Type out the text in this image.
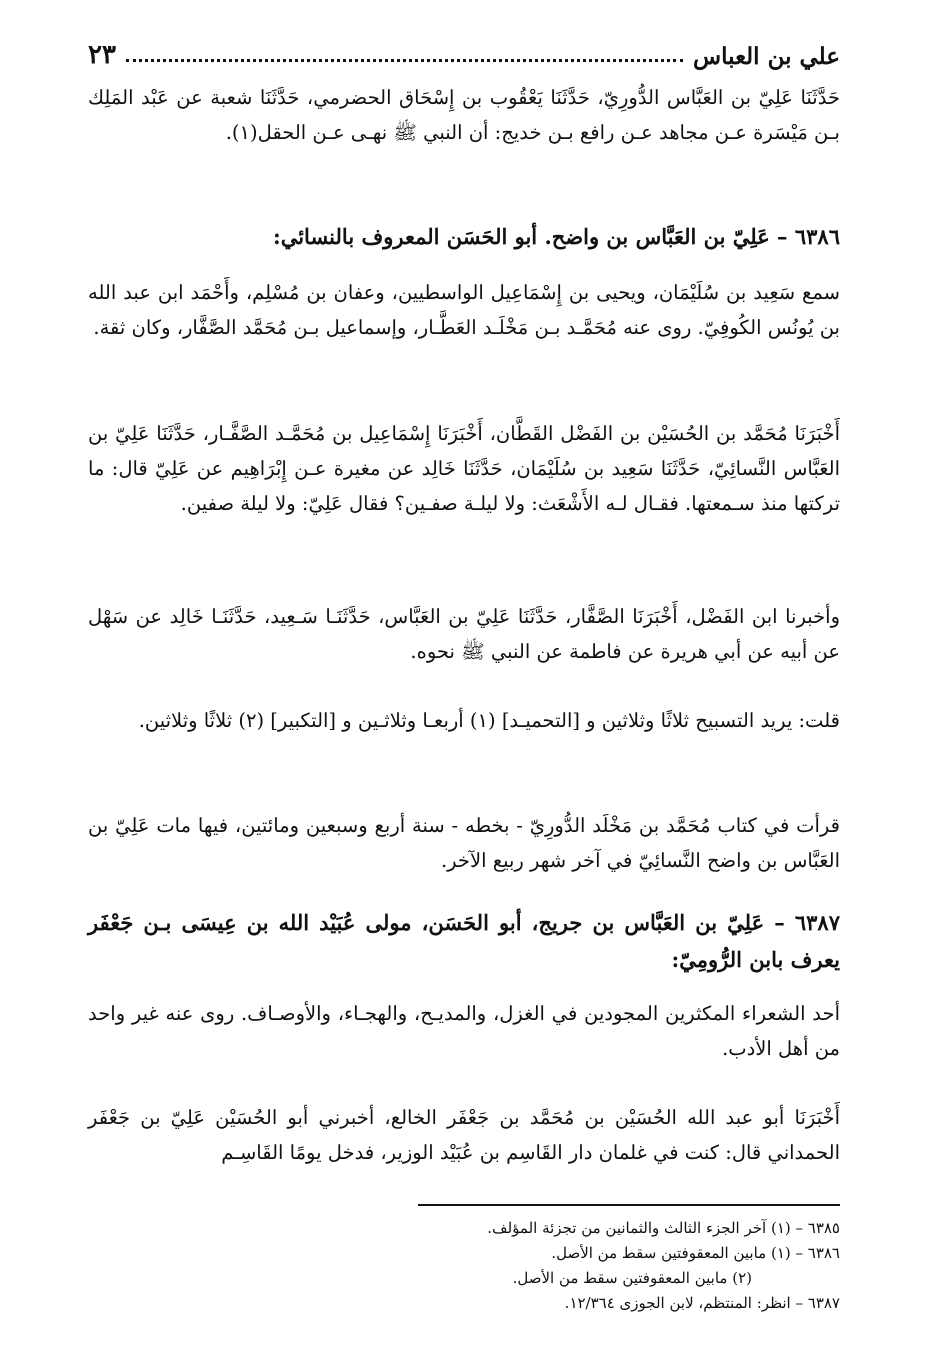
علي بن العباس
٢٣

حَدَّثَنَا عَلِيّ بن العَبَّاس الدُّورِيّ، حَدَّثَنَا يَعْقُوب بن إِسْحَاق الحضرمي، حَدَّثَنَا شعبة عن عَبْد المَلِك بـن مَيْسَرة عـن مجاهد عـن رافع بـن خديج: أن النبي ﷺ نهـى عـن الحقل(١).

٦٣٨٦ – عَلِيّ بن العَبَّاس بن واضح. أبو الحَسَن المعروف بالنسائي:

سمع سَعِيد بن سُلَيْمَان، ويحيى بن إِسْمَاعِيل الواسطيين، وعفان بن مُسْلِم، وأَحْمَد ابن عبد الله بن يُونُس الكُوفِيّ. روى عنه مُحَمَّـد بـن مَخْلَـد العَطَّـار، وإسماعيل بـن مُحَمَّد الصَّفَّار، وكان ثقة.

أَخْبَرَنَا مُحَمَّد بن الحُسَيْن بن الفَضْل القَطَّان، أَخْبَرَنَا إِسْمَاعِيل بن مُحَمَّـد الصَّفَّـار، حَدَّثَنَا عَلِيّ بن العَبَّاس النَّسائِيّ، حَدَّثَنَا سَعِيد بن سُلَيْمَان، حَدَّثَنَا خَالِد عن مغيرة عـن إِبْرَاهِيم عن عَلِيّ قال: ما تركتها منذ سـمعتها. فقـال لـه الأَشْعَث: ولا ليلـة صفـين؟ فقال عَلِيّ: ولا ليلة صفين.

وأخبرنا ابن الفَضْل، أَخْبَرَنَا الصَّفَّار، حَدَّثَنَا عَلِيّ بن العَبَّاس، حَدَّثَنَـا سَـعِيد، حَدَّثَنَـا خَالِد عن سَهْل عن أبيه عن أبي هريرة عن فاطمة عن النبي ﷺ نحوه.

قلت: يريد التسبيح ثلاثًا وثلاثين و [التحميـد] (١) أربعـا وثلاثـين و [التكبير] (٢) ثلاثًا وثلاثين.

قرأت في كتاب مُحَمَّد بن مَخْلَد الدُّورِيّ - بخطه - سنة أربع وسبعين ومائتين، فيها مات عَلِيّ بن العَبَّاس بن واضح النَّسائِيّ في آخر شهر ربيع الآخر.

٦٣٨٧ – عَلِيّ بن العَبَّاس بن جريج، أبو الحَسَن، مولى عُبَيْد الله بن عِيسَى بـن جَعْفَر يعرف بابن الرُّومِيّ:

أحد الشعراء المكثرين المجودين في الغزل، والمديـح، والهجـاء، والأوصـاف. روى عنه غير واحد من أهل الأدب.

أَخْبَرَنَا أبو عبد الله الحُسَيْن بن مُحَمَّد بن جَعْفَر الخالع، أخبرني أبو الحُسَيْن عَلِيّ بن جَعْفَر الحمداني قال: كنت في غلمان دار القَاسِم بن عُبَيْد الوزير، فدخل يومًا القَاسِـم

٦٣٨٥ – (١) آخر الجزء الثالث والثمانين من تجزئة المؤلف.
٦٣٨٦ – (١) مابين المعقوفتين سقط من الأصل.
(٢) مابين المعقوفتين سقط من الأصل.
٦٣٨٧ – انظر: المنتظم، لابن الجوزى ١٢/٣٦٤.
